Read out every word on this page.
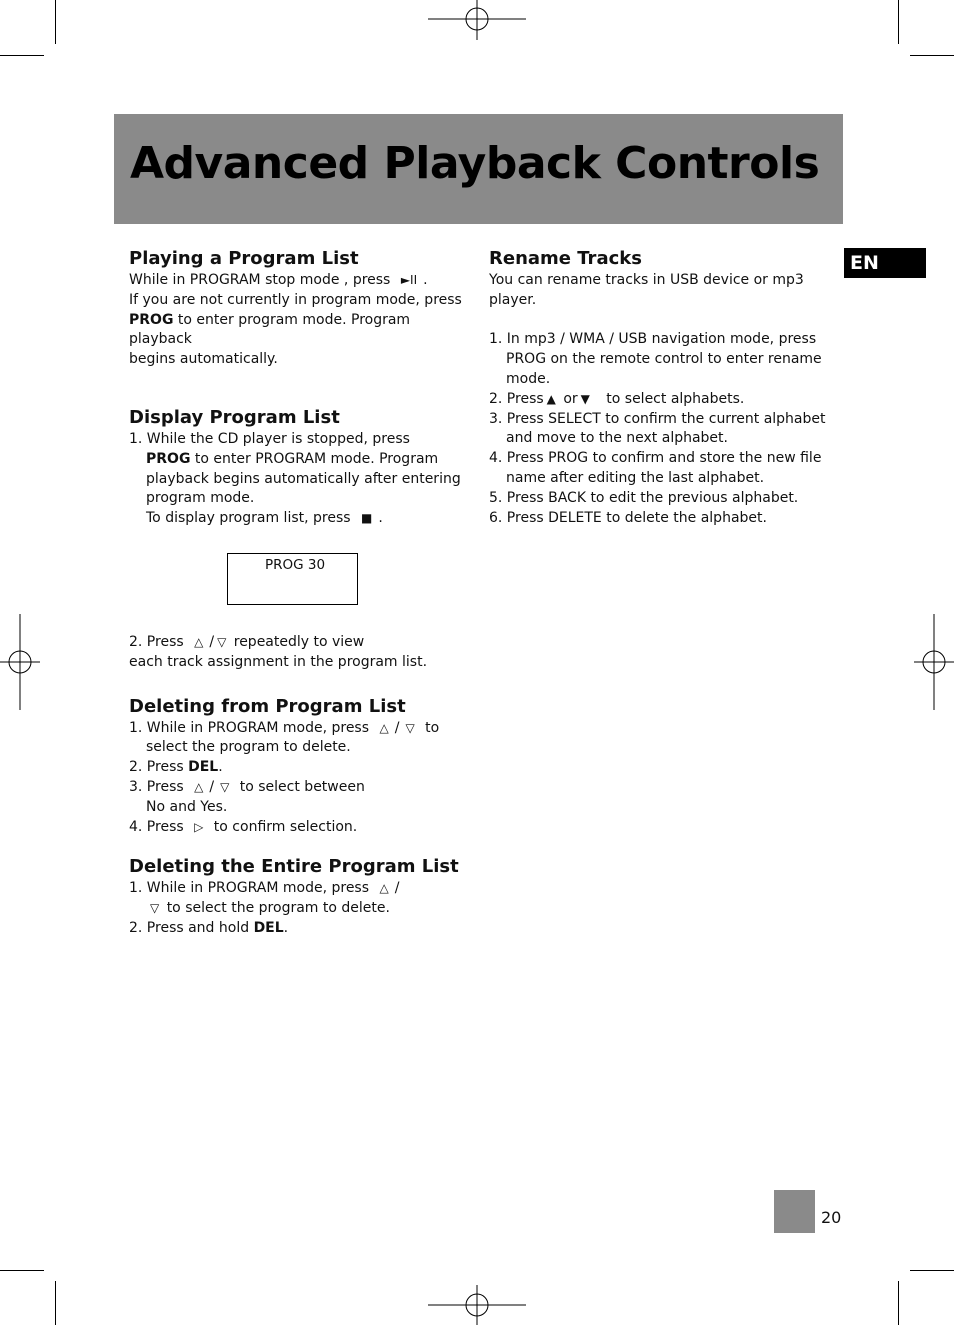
Advanced Playback Controls
EN
Playing a Program List

While in PROGRAM stop mode , press ►II .

If you are not currently in program mode, press

PROG to enter program mode. Program playback

begins automatically.

Display Program List

1. While the CD player is stopped, press

PROG to enter PROGRAM mode. Program

playback begins automatically after entering

program mode.

To display program list, press ■ .

PROG 30

2. Press △ / ▽ repeatedly to view

each track assignment in the program list.

Deleting from Program List

1. While in PROGRAM mode, press △ / ▽ to

select the program to delete.

2. Press DEL.

3. Press △ / ▽ to select between

No and Yes.

4. Press ▷ to confirm selection.

Deleting the Entire Program List

1. While in PROGRAM mode, press △ /

▽ to select the program to delete.

2. Press and hold DEL.

Rename Tracks

You can rename tracks in USB device or mp3

player.

1. In mp3 / WMA / USB navigation mode, press

PROG on the remote control to enter rename

mode.

2. Press ▲ or ▼ to select alphabets.

3. Press SELECT to confirm the current alphabet

and move to the next alphabet.

4. Press PROG to confirm and store the new file

name after editing the last alphabet.

5. Press BACK to edit the previous alphabet.

6. Press DELETE to delete the alphabet.

20
